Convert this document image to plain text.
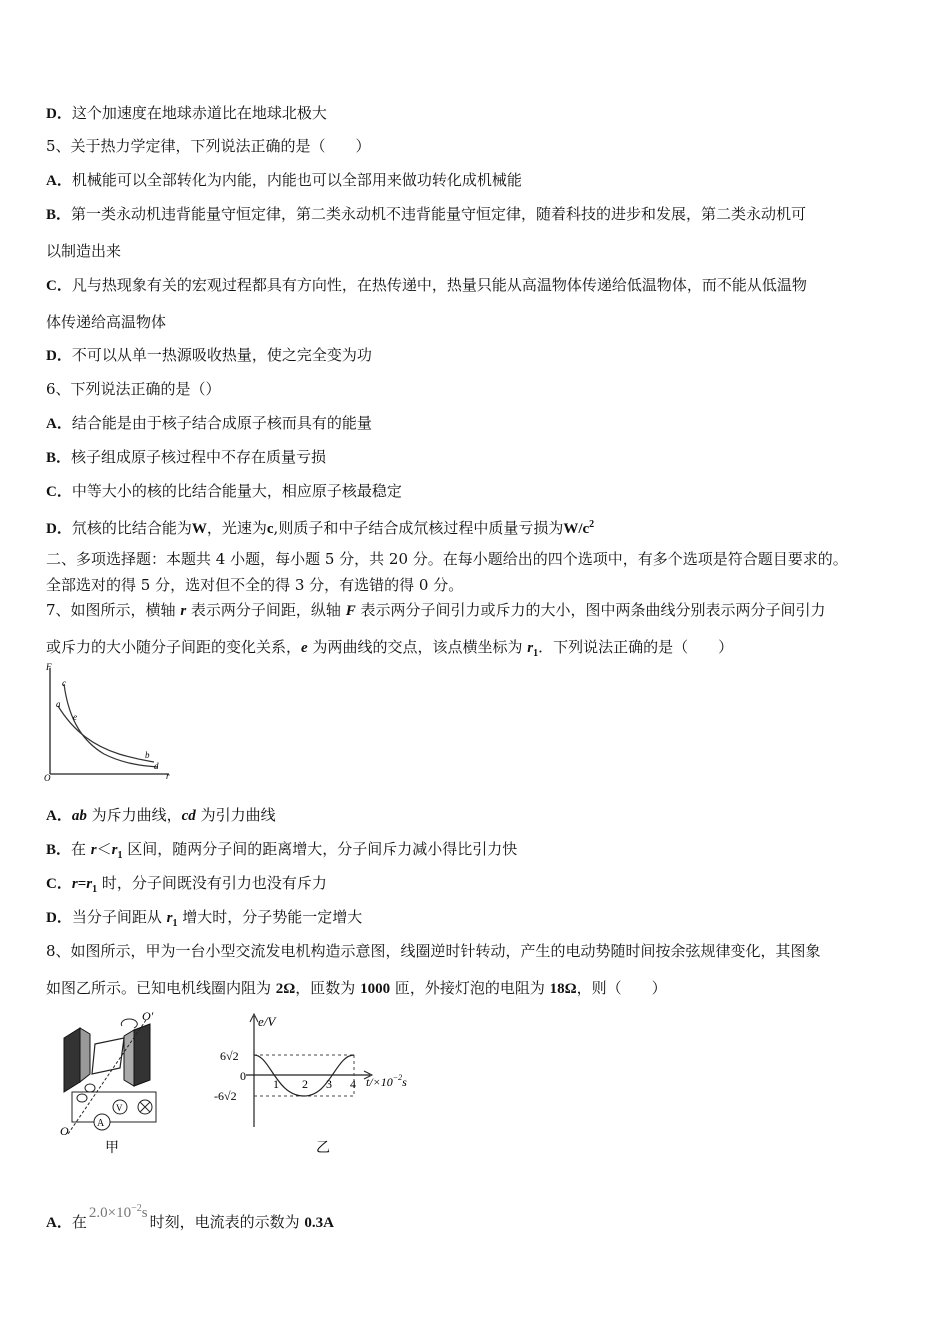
D．这个加速度在地球赤道比在地球北极大
5、关于热力学定律，下列说法正确的是（　　）
A．机械能可以全部转化为内能，内能也可以全部用来做功转化成机械能
B．第一类永动机违背能量守恒定律，第二类永动机不违背能量守恒定律，随着科技的进步和发展，第二类永动机可
以制造出来
C．凡与热现象有关的宏观过程都具有方向性，在热传递中，热量只能从高温物体传递给低温物体，而不能从低温物
体传递给高温物体
D．不可以从单一热源吸收热量，使之完全变为功
6、下列说法正确的是（）
A．结合能是由于核子结合成原子核而具有的能量
B．核子组成原子核过程中不存在质量亏损
C．中等大小的核的比结合能量大，相应原子核最稳定
D．氘核的比结合能为W，光速为c,则质子和中子结合成氘核过程中质量亏损为$W/c^2$
二、多项选择题：本题共 4 小题，每小题 5 分，共 20 分。在每小题给出的四个选项中，有多个选项是符合题目要求的。
全部选对的得 5 分，选对但不全的得 3 分，有选错的得 0 分。
7、如图所示，横轴 r 表示两分子间距，纵轴 F 表示两分子间引力或斥力的大小，图中两条曲线分别表示两分子间引力
或斥力的大小随分子间距的变化关系，e 为两曲线的交点，该点横坐标为 $r_1$．下列说法正确的是（　　）
F
r
O
c
a
e
b
d
A．ab 为斥力曲线，cd 为引力曲线
B．在 $r<r_1$ 区间，随两分子间的距离增大，分子间斥力减小得比引力快
C．$r=r_1$ 时，分子间既没有引力也没有斥力
D．当分子间距从 $r_1$ 增大时，分子势能一定增大
8、如图所示，甲为一台小型交流发电机构造示意图，线圈逆时针转动，产生的电动势随时间按余弦规律变化，其图象
如图乙所示。已知电机线圈内阻为 2Ω，匝数为 1000 匝，外接灯泡的电阻为 18Ω，则（　　）
O′
O
A
V
甲
e/V
6√2
0
-6√2
1 2 3 4 $t/\times 10^{-2}s$
乙
A．在 $2.0\times 10^{-2}s$ 时刻，电流表的示数为 0.3A
